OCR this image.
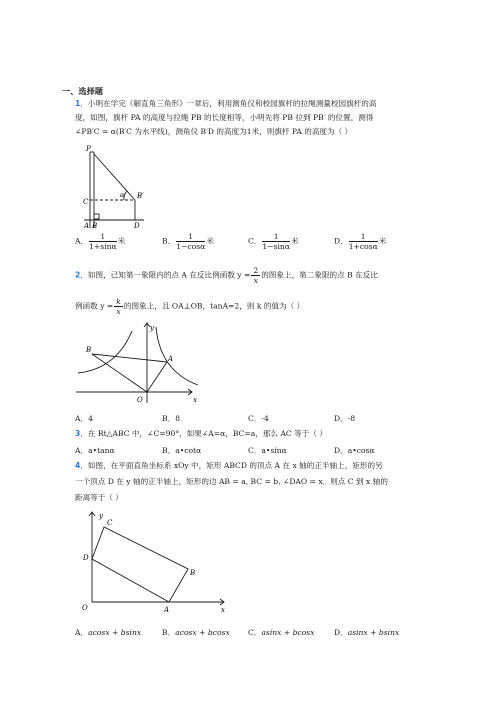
一、选择题
1．小明在学完《解直角三角形》一章后，利用测角仪和校园旗杆的拉绳测量校园旗杆的高
度，如图，旗杆 PA 的高度与拉绳 PB 的长度相等，小明先将 PB 拉到 PB′ 的位置，测得
∠PB′C = α(B′C 为水平线)，测角仪 B′D 的高度为1米，则旗杆 PA 的高度为（ ）
P
C
B′
α
A B	D
A． $\frac{1}{1+\sin\alpha}$ 米	B． $\frac{1}{1-\cos\alpha}$ 米	C． $\frac{1}{1-\sin\alpha}$ 米	D． $\frac{1}{1+\cos\alpha}$ 米
2．如图，已知第一象限内的点 A 在反比例函数 $y = \frac{2}{x}$ 的图象上，第二象限的点 B 在反比
例函数 $y = \frac{k}{x}$ 的图象上，且 OA⊥OB，tanA=2，则 k 的值为（ ）
y
x
O
A
B
A．4	B．8	C．-4	D．-8
3．在 Rt△ABC 中，∠C=90°，如果∠A=α，BC=a，那么 AC 等于（ ）
A．a•tanα	B．a•cotα	C．a•sinα	D．a•cosα
4．如图，在平面直角坐标系 xOy 中，矩形 ABCD 的顶点 A 在 x 轴的正半轴上，矩形的另
一个顶点 D 在 y 轴的正半轴上，矩形的边 AB = a, BC = b, ∠DAO = x．则点 C 到 x 轴的
距离等于（ ）
y
x
O	A
B
C
D
A．acosx + bsinx	B．acosx + bcosx C．asinx + bcosx	D．asinx + bsinx
